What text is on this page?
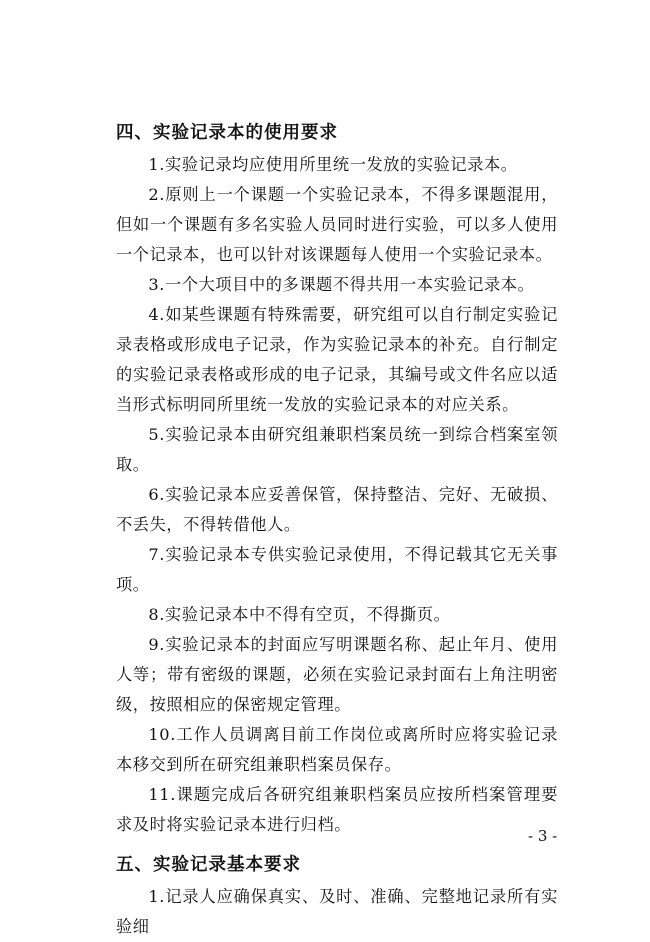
四、实验记录本的使用要求

1.实验记录均应使用所里统一发放的实验记录本。

2.原则上一个课题一个实验记录本，不得多课题混用，但如一个课题有多名实验人员同时进行实验，可以多人使用一个记录本，也可以针对该课题每人使用一个实验记录本。

3.一个大项目中的多课题不得共用一本实验记录本。

4.如某些课题有特殊需要，研究组可以自行制定实验记录表格或形成电子记录，作为实验记录本的补充。自行制定的实验记录表格或形成的电子记录，其编号或文件名应以适当形式标明同所里统一发放的实验记录本的对应关系。

5.实验记录本由研究组兼职档案员统一到综合档案室领取。

6.实验记录本应妥善保管，保持整洁、完好、无破损、不丢失，不得转借他人。

7.实验记录本专供实验记录使用，不得记载其它无关事项。

8.实验记录本中不得有空页，不得撕页。

9.实验记录本的封面应写明课题名称、起止年月、使用人等；带有密级的课题，必须在实验记录封面右上角注明密级，按照相应的保密规定管理。

10.工作人员调离目前工作岗位或离所时应将实验记录本移交到所在研究组兼职档案员保存。

11.课题完成后各研究组兼职档案员应按所档案管理要求及时将实验记录本进行归档。

五、实验记录基本要求

1.记录人应确保真实、及时、准确、完整地记录所有实验细

- 3 -
